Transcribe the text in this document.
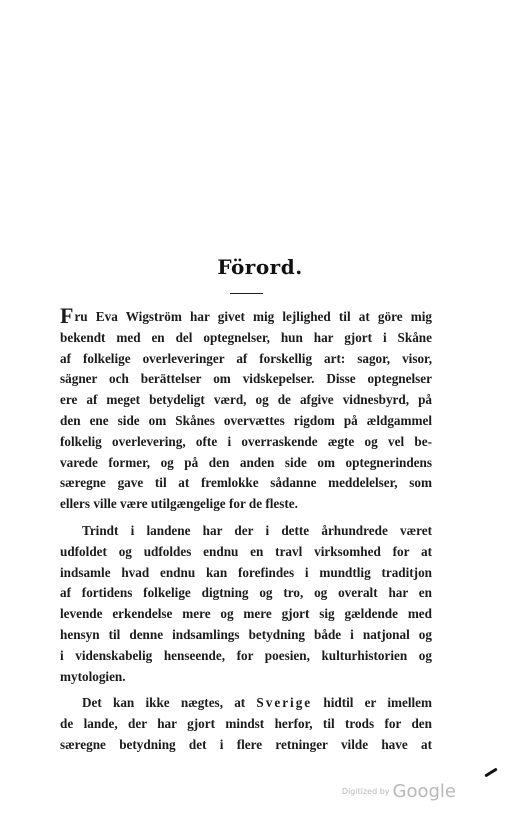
Förord.
Fru Eva Wigström har givet mig lejlighed til at göre mig
bekendt med en del optegnelser, hun har gjort i Skåne
af folkelige overleveringer af forskellig art: sagor, visor,
sägner och berättelser om vidskepelser. Disse optegnelser
ere af meget betydeligt værd, og de afgive vidnesbyrd, på
den ene side om Skånes overvættes rigdom på ældgammel
folkelig overlevering, ofte i overraskende ægte og vel be-
varede former, og på den anden side om optegnerindens
særegne gave til at fremlokke sådanne meddelelser, som
ellers ville være utilgængelige for de fleste.
Trindt i landene har der i dette århundrede været
udfoldet og udfoldes endnu en travl virksomhed for at
indsamle hvad endnu kan forefindes i mundtlig traditjon
af fortidens folkelige digtning og tro, og overalt har en
levende erkendelse mere og mere gjort sig gældende med
hensyn til denne indsamlings betydning både i natjonal og
i videnskabelig henseende, for poesien, kulturhistorien og
mytologien.
Det kan ikke nægtes, at Sverige hidtil er imellem
de lande, der har gjort mindst herfor, til trods for den
særegne betydning det i flere retninger vilde have at
Digitized by Google
